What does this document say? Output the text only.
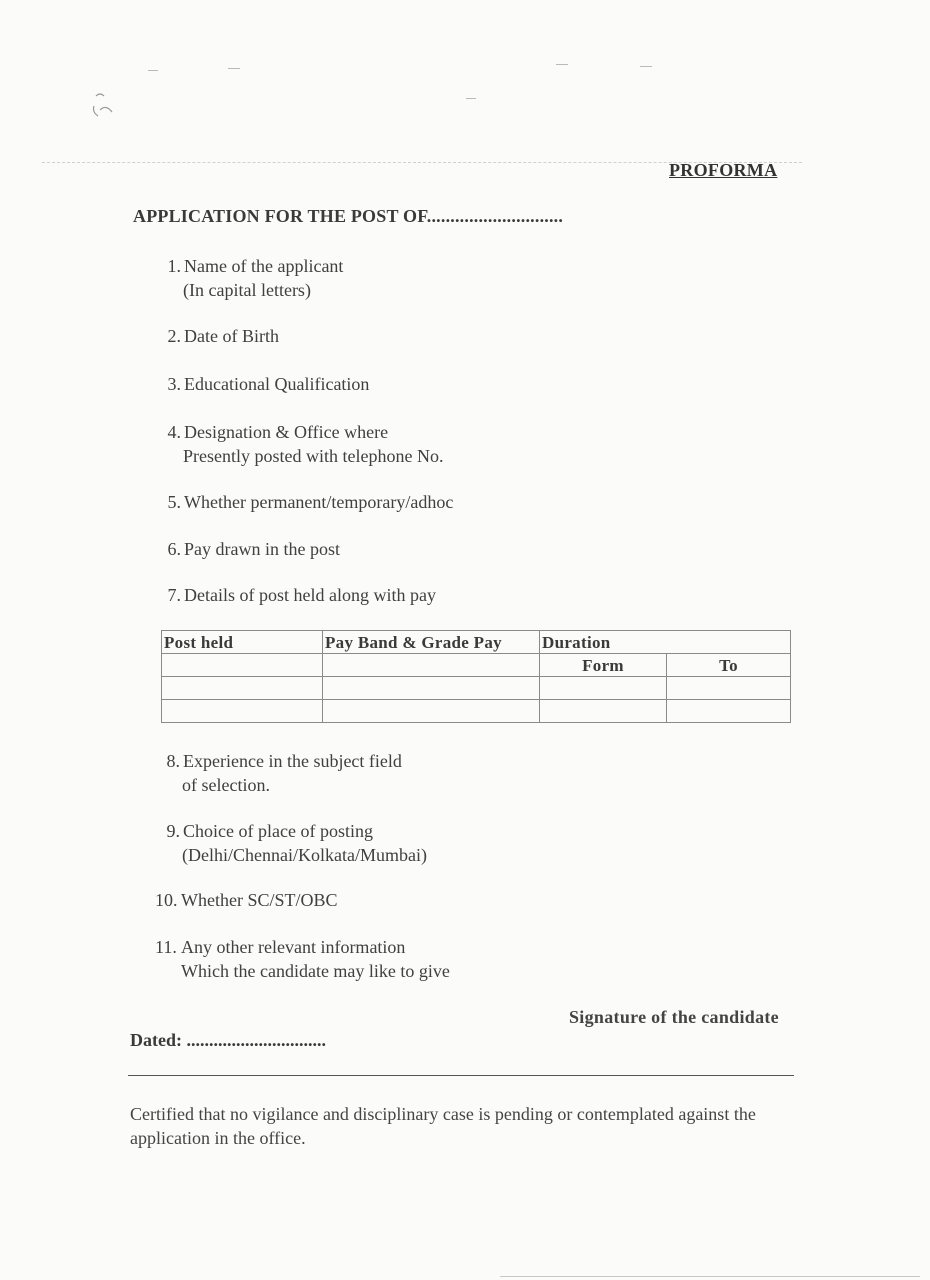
PROFORMA
APPLICATION FOR THE POST OF.............................
1. Name of the applicant
(In capital letters)
2. Date of Birth
3. Educational Qualification
4. Designation & Office where
Presently posted with telephone No.
5. Whether permanent/temporary/adhoc
6. Pay drawn in the post
7. Details of post held along with pay
Post held	Pay Band & Grade Pay	Duration	
		Form	To

8. Experience in the subject field
of selection.
9. Choice of place of posting
(Delhi/Chennai/Kolkata/Mumbai)
10. Whether SC/ST/OBC
11. Any other relevant information
Which the candidate may like to give
Signature of the candidate
Dated: ...............................
Certified that no vigilance and disciplinary case is pending or contemplated against the application in the office.
